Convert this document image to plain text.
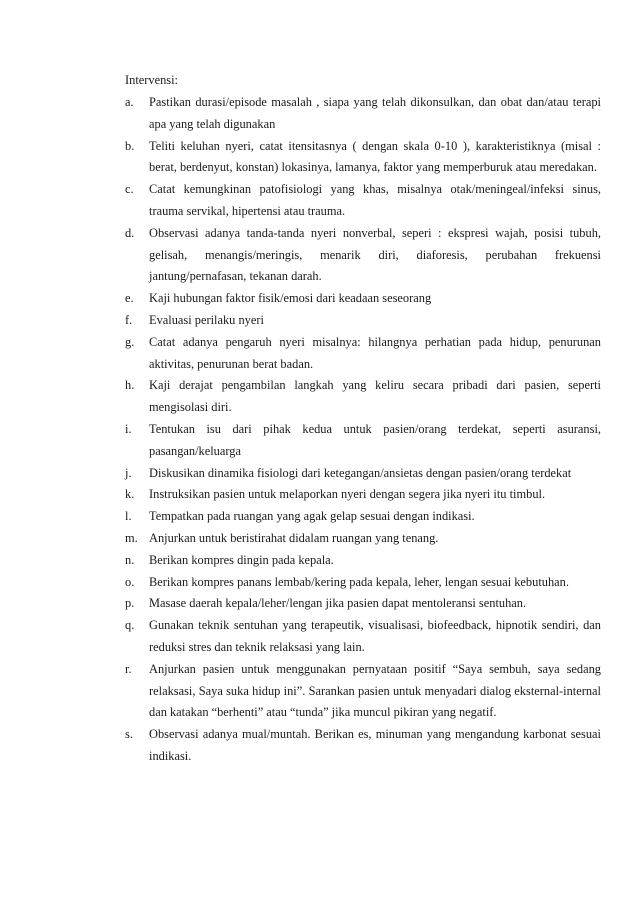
Intervensi:

a. Pastikan durasi/episode masalah , siapa yang telah dikonsulkan, dan obat dan/atau terapi apa yang telah digunakan
b. Teliti keluhan nyeri, catat itensitasnya ( dengan skala 0-10 ), karakteristiknya (misal : berat, berdenyut, konstan) lokasinya, lamanya, faktor yang memperburuk atau meredakan.
c. Catat kemungkinan patofisiologi yang khas, misalnya otak/meningeal/infeksi sinus, trauma servikal, hipertensi atau trauma.
d. Observasi adanya tanda-tanda nyeri nonverbal, seperi : ekspresi wajah, posisi tubuh, gelisah, menangis/meringis, menarik diri, diaforesis, perubahan frekuensi jantung/pernafasan, tekanan darah.
e. Kaji hubungan faktor fisik/emosi dari keadaan seseorang
f. Evaluasi perilaku nyeri
g. Catat adanya pengaruh nyeri misalnya: hilangnya perhatian pada hidup, penurunan aktivitas, penurunan berat badan.
h. Kaji derajat pengambilan langkah yang keliru secara pribadi dari pasien, seperti mengisolasi diri.
i. Tentukan isu dari pihak kedua untuk pasien/orang terdekat, seperti asuransi, pasangan/keluarga
j. Diskusikan dinamika fisiologi dari ketegangan/ansietas dengan pasien/orang terdekat
k. Instruksikan pasien untuk melaporkan nyeri dengan segera jika nyeri itu timbul.
l. Tempatkan pada ruangan yang agak gelap sesuai dengan indikasi.
m. Anjurkan untuk beristirahat didalam ruangan yang tenang.
n. Berikan kompres dingin pada kepala.
o. Berikan kompres panans lembab/kering pada kepala, leher, lengan sesuai kebutuhan.
p. Masase daerah kepala/leher/lengan jika pasien dapat mentoleransi sentuhan.
q. Gunakan teknik sentuhan yang terapeutik, visualisasi, biofeedback, hipnotik sendiri, dan reduksi stres dan teknik relaksasi yang lain.
r. Anjurkan pasien untuk menggunakan pernyataan positif “Saya sembuh, saya sedang relaksasi, Saya suka hidup ini”. Sarankan pasien untuk menyadari dialog eksternal-internal dan katakan “berhenti” atau “tunda” jika muncul pikiran yang negatif.
s. Observasi adanya mual/muntah. Berikan es, minuman yang mengandung karbonat sesuai indikasi.
